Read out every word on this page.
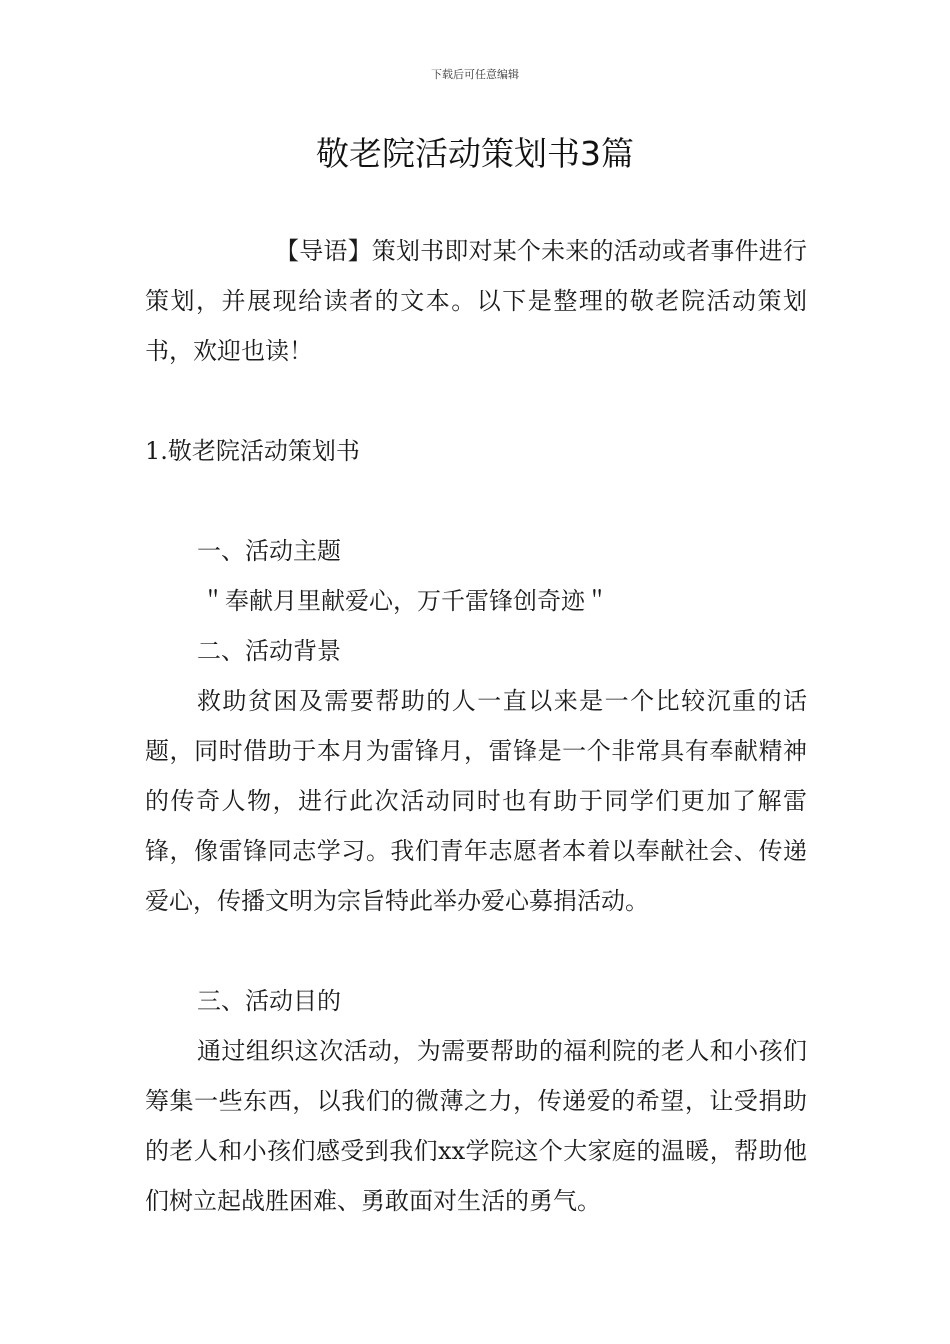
下载后可任意编辑
敬老院活动策划书3篇
【导语】策划书即对某个未来的活动或者事件进行策划，并展现给读者的文本。以下是整理的敬老院活动策划书，欢迎也读！
1.敬老院活动策划书
一、活动主题
＂奉献月里献爱心，万千雷锋创奇迹＂
二、活动背景
救助贫困及需要帮助的人一直以来是一个比较沉重的话题，同时借助于本月为雷锋月，雷锋是一个非常具有奉献精神的传奇人物，进行此次活动同时也有助于同学们更加了解雷锋，像雷锋同志学习。我们青年志愿者本着以奉献社会、传递爱心，传播文明为宗旨特此举办爱心募捐活动。
三、活动目的
通过组织这次活动，为需要帮助的福利院的老人和小孩们筹集一些东西，以我们的微薄之力，传递爱的希望，让受捐助的老人和小孩们感受到我们xx学院这个大家庭的温暖，帮助他们树立起战胜困难、勇敢面对生活的勇气。
